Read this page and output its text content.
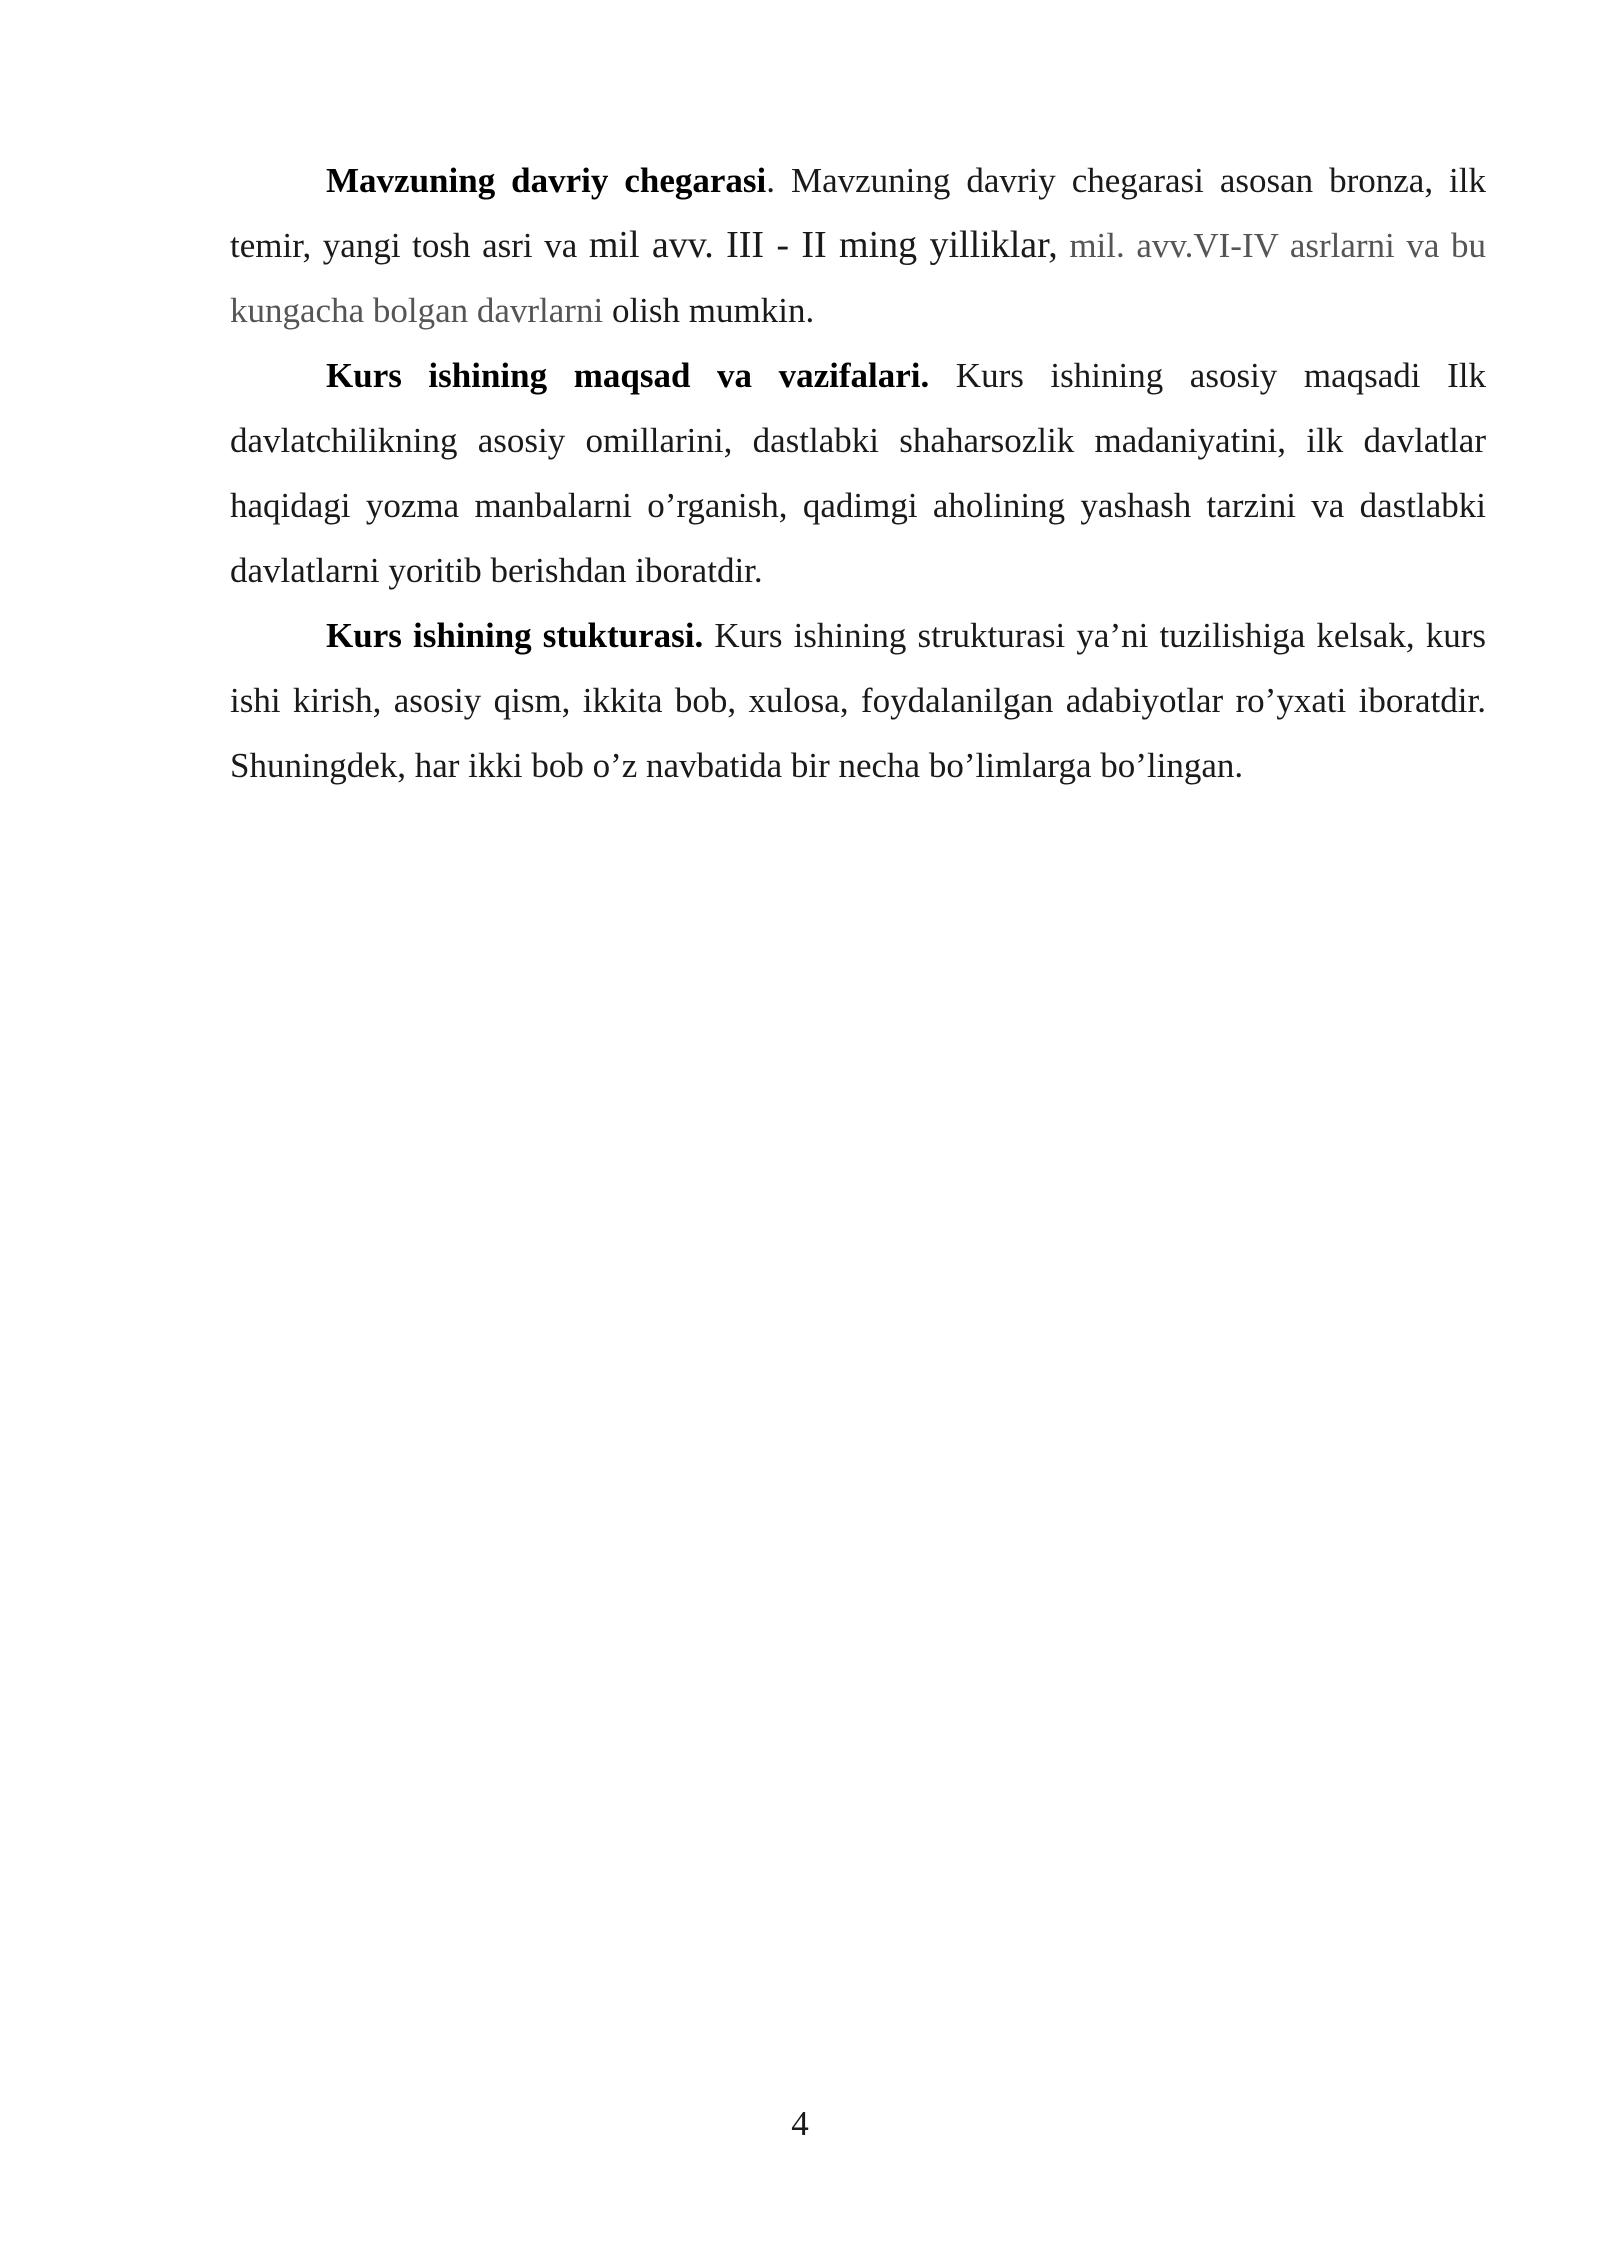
Mavzuning davriy chegarasi. Mavzuning davriy chegarasi asosan bronza, ilk temir, yangi tosh asri va mil avv. III - II ming yilliklar, mil. avv.VI-IV asrlarni va bu kungacha bolgan davrlarni olish mumkin.

Kurs ishining maqsad va vazifalari. Kurs ishining asosiy maqsadi Ilk davlatchilikning asosiy omillarini, dastlabki shaharsozlik madaniyatini, ilk davlatlar haqidagi yozma manbalarni o’rganish, qadimgi aholining yashash tarzini va dastlabki davlatlarni yoritib berishdan iboratdir.

Kurs ishining stukturasi. Kurs ishining strukturasi ya’ni tuzilishiga kelsak, kurs ishi kirish, asosiy qism, ikkita bob, xulosa, foydalanilgan adabiyotlar ro’yxati iboratdir. Shuningdek, har ikki bob o’z navbatida bir necha bo’limlarga bo’lingan.

4
